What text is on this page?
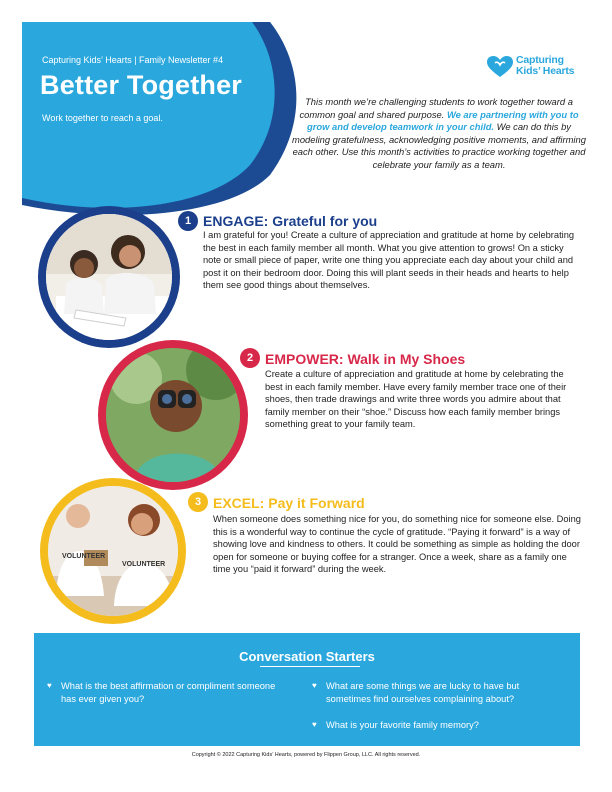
Capturing Kids’ Hearts | Family Newsletter #4
Better Together
Work together to reach a goal.
Capturing
Kids’ Hearts
This month we’re challenging students to work together toward a common goal and shared purpose. We are partnering with you to grow and develop teamwork in your child. We can do this by modeling gratefulness, acknowledging positive moments, and affirming each other. Use this month’s activities to practice working together and celebrate your family as a team.
VOLUNTEER
VOLUNTEER
1 ENGAGE: Grateful for you
I am grateful for you! Create a culture of appreciation and gratitude at home by celebrating the best in each family member all month. What you give attention to grows! On a sticky note or small piece of paper, write one thing you appreciate each day about your child and post it on their bedroom door. Doing this will plant seeds in their heads and hearts to help them see good things about themselves.
2 EMPOWER: Walk in My Shoes
Create a culture of appreciation and gratitude at home by celebrating the best in each family member. Have every family member trace one of their shoes, then trade drawings and write three words you admire about that family member on their “shoe.” Discuss how each family member brings something great to your family team.
3 EXCEL: Pay it Forward
When someone does something nice for you, do something nice for someone else. Doing this is a wonderful way to continue the cycle of gratitude. “Paying it forward” is a way of showing love and kindness to others. It could be something as simple as holding the door open for someone or buying coffee for a stranger. Once a week, share as a family one time you “paid it forward” during the week.
Conversation Starters
♥ What is the best affirmation or compliment someone has ever given you?
♥ What are some things we are lucky to have but sometimes find ourselves complaining about?
♥ What is your favorite family memory?
Copyright © 2022 Capturing Kids’ Hearts, powered by Flippen Group, LLC. All rights reserved.
